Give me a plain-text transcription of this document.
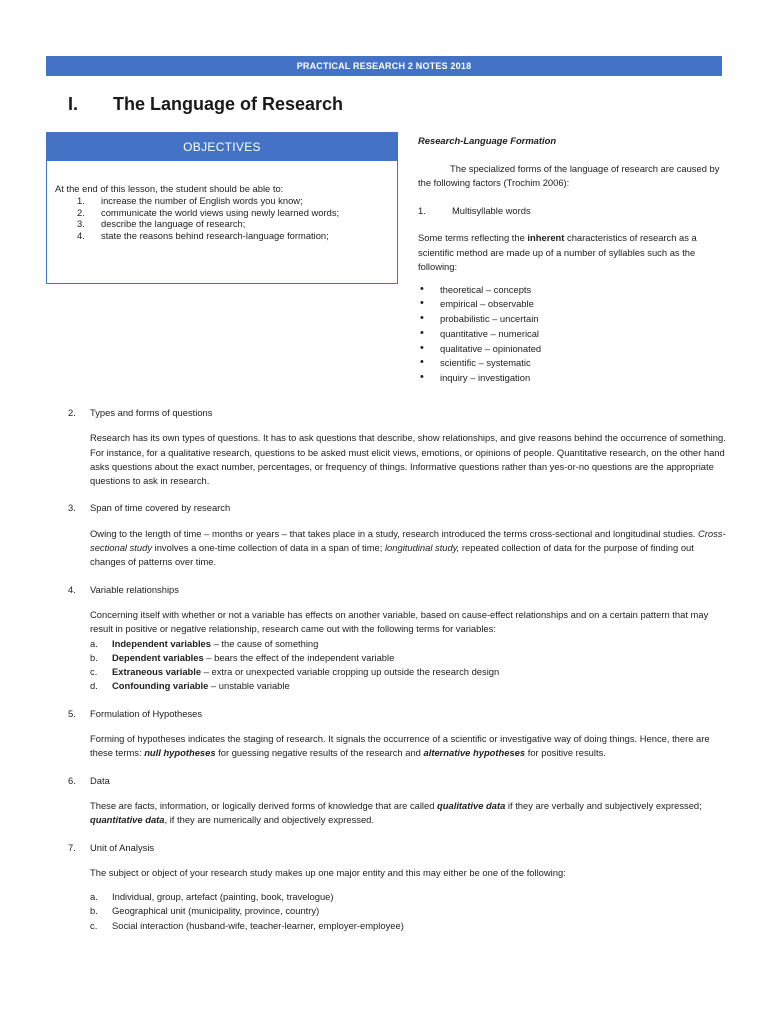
PRACTICAL RESEARCH 2 NOTES 2018
I. The Language of Research
OBJECTIVES
At the end of this lesson, the student should be able to:
1. increase the number of English words you know;
2. communicate the world views using newly learned words;
3. describe the language of research;
4. state the reasons behind research-language formation;
Research-Language Formation

The specialized forms of the language of research are caused by the following factors (Trochim 2006):

1.	Multisyllable words
Some terms reflecting the inherent characteristics of research as a scientific method are made up of a number of syllables such as the following:
• theoretical – concepts
• empirical – observable
• probabilistic – uncertain
• quantitative – numerical
• qualitative – opinionated
• scientific – systematic
• inquiry – investigation
2. Types and forms of questions
Research has its own types of questions. It has to ask questions that describe, show relationships, and give reasons behind the occurrence of something. For instance, for a qualitative research, questions to be asked must elicit views, emotions, or opinions of people. Quantitative research, on the other hand asks questions about the exact number, percentages, or frequency of things. Informative questions rather than yes-or-no questions are the appropriate questions to ask in research.
3. Span of time covered by research
Owing to the length of time – months or years – that takes place in a study, research introduced the terms cross-sectional and longitudinal studies. Cross-sectional study involves a one-time collection of data in a span of time; longitudinal study, repeated collection of data for the purpose of finding out changes of patterns over time.
4. Variable relationships
Concerning itself with whether or not a variable has effects on another variable, based on cause-effect relationships and on a certain pattern that may result in positive or negative relationship, research came out with the following terms for variables:
a. Independent variables – the cause of something
b. Dependent variables – bears the effect of the independent variable
c. Extraneous variable – extra or unexpected variable cropping up outside the research design
d. Confounding variable – unstable variable
5. Formulation of Hypotheses
Forming of hypotheses indicates the staging of research. It signals the occurrence of a scientific or investigative way of doing things. Hence, there are these terms: null hypotheses for guessing negative results of the research and alternative hypotheses for positive results.
6. Data
These are facts, information, or logically derived forms of knowledge that are called qualitative data if they are verbally and subjectively expressed; quantitative data, if they are numerically and objectively expressed.
7. Unit of Analysis
The subject or object of your research study makes up one major entity and this may either be one of the following:
a. Individual, group, artefact (painting, book, travelogue)
b. Geographical unit (municipality, province, country)
c. Social interaction (husband-wife, teacher-learner, employer-employee)
